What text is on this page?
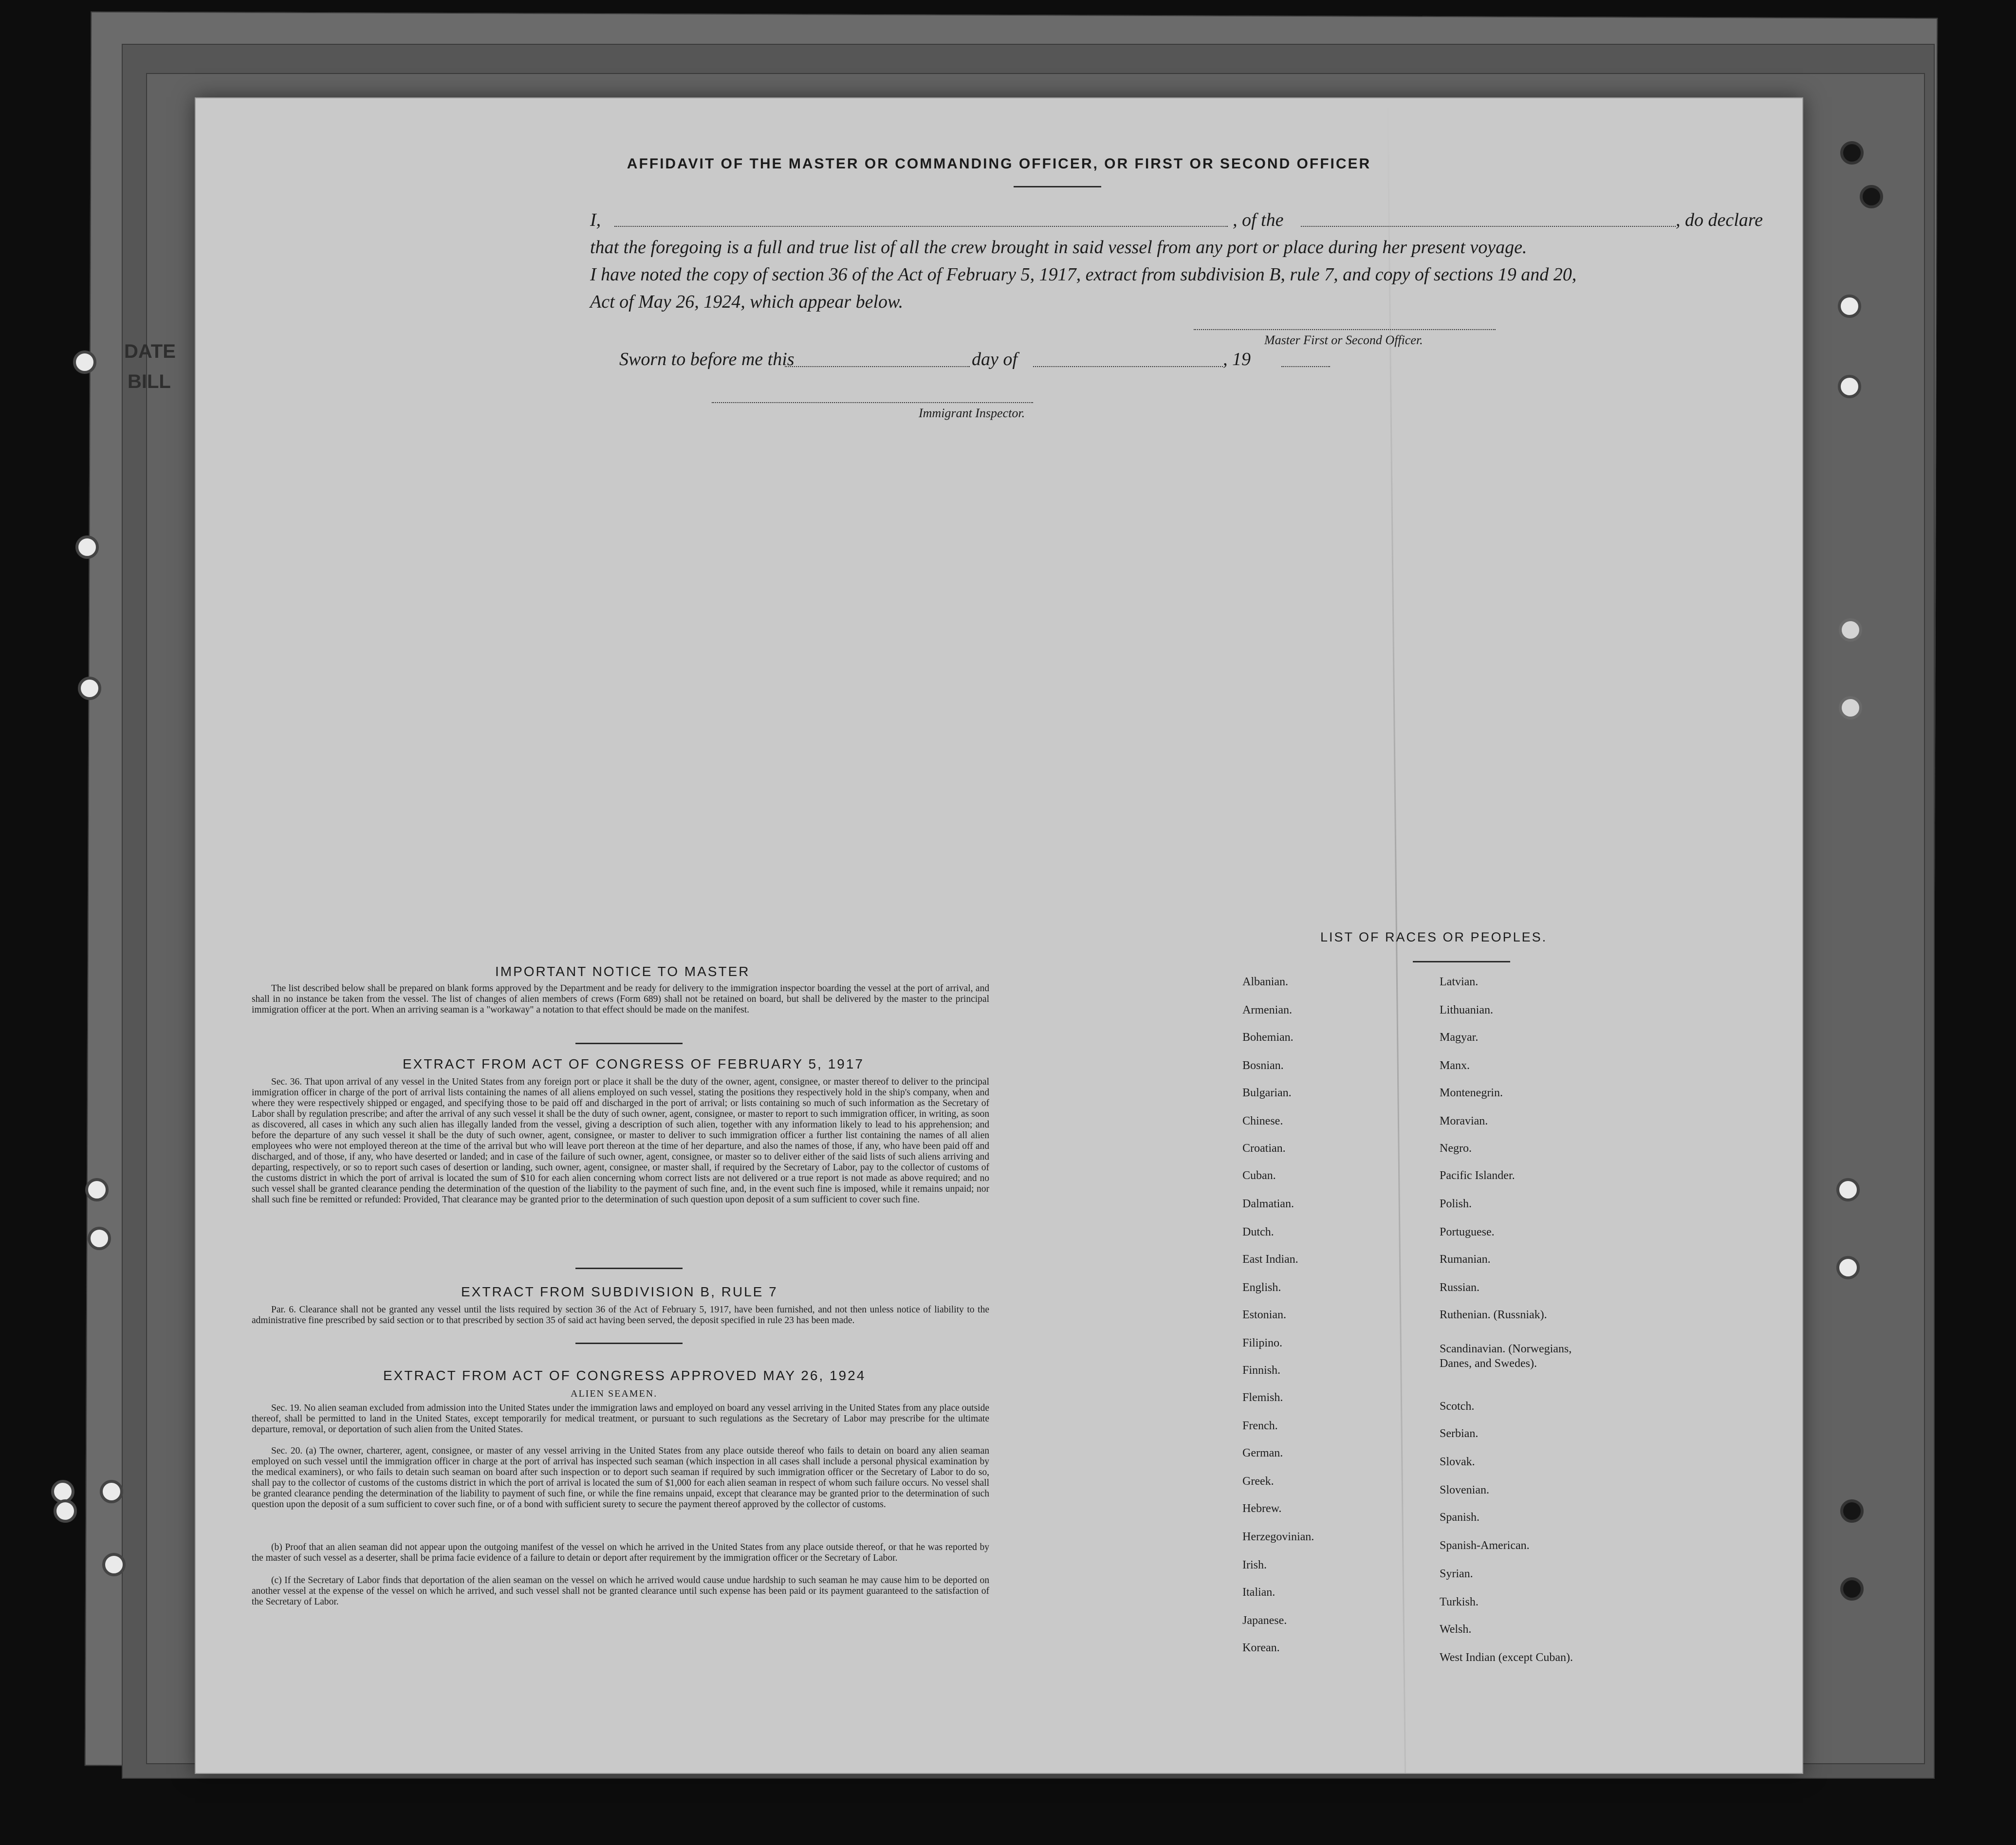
DATE
BILL
AFFIDAVIT OF THE MASTER OR COMMANDING OFFICER, OR FIRST OR SECOND OFFICER
I,	, of the	, do declare
that the foregoing is a full and true list of all the crew brought in said vessel from any port or place during her present voyage.
I have noted the copy of section 36 of the Act of February 5, 1917, extract from subdivision B, rule 7, and copy of sections 19 and 20,
Act of May 26, 1924, which appear below.
Master First or Second Officer.
Sworn to before me this	day of	, 19
Immigrant Inspector.
IMPORTANT NOTICE TO MASTER
The list described below shall be prepared on blank forms approved by the Department and be ready for delivery to the immigration inspector boarding the vessel at the port of arrival, and shall in no instance be taken from the vessel. The list of changes of alien members of crews (Form 689) shall not be retained on board, but shall be delivered by the master to the principal immigration officer at the port. When an arriving seaman is a "workaway" a notation to that effect should be made on the manifest.
EXTRACT FROM ACT OF CONGRESS OF FEBRUARY 5, 1917
Sec. 36. That upon arrival of any vessel in the United States from any foreign port or place it shall be the duty of the owner, agent, consignee, or master thereof to deliver to the principal immigration officer in charge of the port of arrival lists containing the names of all aliens employed on such vessel, stating the positions they respectively hold in the ship's company, when and where they were respectively shipped or engaged, and specifying those to be paid off and discharged in the port of arrival; or lists containing so much of such information as the Secretary of Labor shall by regulation prescribe; and after the arrival of any such vessel it shall be the duty of such owner, agent, consignee, or master to report to such immigration officer, in writing, as soon as discovered, all cases in which any such alien has illegally landed from the vessel, giving a description of such alien, together with any information likely to lead to his apprehension; and before the departure of any such vessel it shall be the duty of such owner, agent, consignee, or master to deliver to such immigration officer a further list containing the names of all alien employees who were not employed thereon at the time of the arrival but who will leave port thereon at the time of her departure, and also the names of those, if any, who have been paid off and discharged, and of those, if any, who have deserted or landed; and in case of the failure of such owner, agent, consignee, or master so to deliver either of the said lists of such aliens arriving and departing, respectively, or so to report such cases of desertion or landing, such owner, agent, consignee, or master shall, if required by the Secretary of Labor, pay to the collector of customs of the customs district in which the port of arrival is located the sum of $10 for each alien concerning whom correct lists are not delivered or a true report is not made as above required; and no such vessel shall be granted clearance pending the determination of the question of the liability to the payment of such fine, and, in the event such fine is imposed, while it remains unpaid; nor shall such fine be remitted or refunded: Provided, That clearance may be granted prior to the determination of such question upon deposit of a sum sufficient to cover such fine.
EXTRACT FROM SUBDIVISION B, RULE 7
Par. 6. Clearance shall not be granted any vessel until the lists required by section 36 of the Act of February 5, 1917, have been furnished, and not then unless notice of liability to the administrative fine prescribed by said section or to that prescribed by section 35 of said act having been served, the deposit specified in rule 23 has been made.
EXTRACT FROM ACT OF CONGRESS APPROVED MAY 26, 1924
ALIEN SEAMEN.
Sec. 19. No alien seaman excluded from admission into the United States under the immigration laws and employed on board any vessel arriving in the United States from any place outside thereof, shall be permitted to land in the United States, except temporarily for medical treatment, or pursuant to such regulations as the Secretary of Labor may prescribe for the ultimate departure, removal, or deportation of such alien from the United States.
Sec. 20. (a) The owner, charterer, agent, consignee, or master of any vessel arriving in the United States from any place outside thereof who fails to detain on board any alien seaman employed on such vessel until the immigration officer in charge at the port of arrival has inspected such seaman (which inspection in all cases shall include a personal physical examination by the medical examiners), or who fails to detain such seaman on board after such inspection or to deport such seaman if required by such immigration officer or the Secretary of Labor to do so, shall pay to the collector of customs of the customs district in which the port of arrival is located the sum of $1,000 for each alien seaman in respect of whom such failure occurs. No vessel shall be granted clearance pending the determination of the liability to payment of such fine, or while the fine remains unpaid, except that clearance may be granted prior to the determination of such question upon the deposit of a sum sufficient to cover such fine, or of a bond with sufficient surety to secure the payment thereof approved by the collector of customs.
(b) Proof that an alien seaman did not appear upon the outgoing manifest of the vessel on which he arrived in the United States from any place outside thereof, or that he was reported by the master of such vessel as a deserter, shall be prima facie evidence of a failure to detain or deport after requirement by the immigration officer or the Secretary of Labor.
(c) If the Secretary of Labor finds that deportation of the alien seaman on the vessel on which he arrived would cause undue hardship to such seaman he may cause him to be deported on another vessel at the expense of the vessel on which he arrived, and such vessel shall not be granted clearance until such expense has been paid or its payment guaranteed to the satisfaction of the Secretary of Labor.
LIST OF RACES OR PEOPLES.
Albanian.
Armenian.
Bohemian.
Bosnian.
Bulgarian.
Chinese.
Croatian.
Cuban.
Dalmatian.
Dutch.
East Indian.
English.
Estonian.
Filipino.
Finnish.
Flemish.
French.
German.
Greek.
Hebrew.
Herzegovinian.
Irish.
Italian.
Japanese.
Korean.
Latvian.
Lithuanian.
Magyar.
Manx.
Montenegrin.
Moravian.
Negro.
Pacific Islander.
Polish.
Portuguese.
Rumanian.
Russian.
Ruthenian. (Russniak).
Scandinavian. (Norwegians, Danes, and Swedes).
Scotch.
Serbian.
Slovak.
Slovenian.
Spanish.
Spanish-American.
Syrian.
Turkish.
Welsh.
West Indian (except Cuban).
